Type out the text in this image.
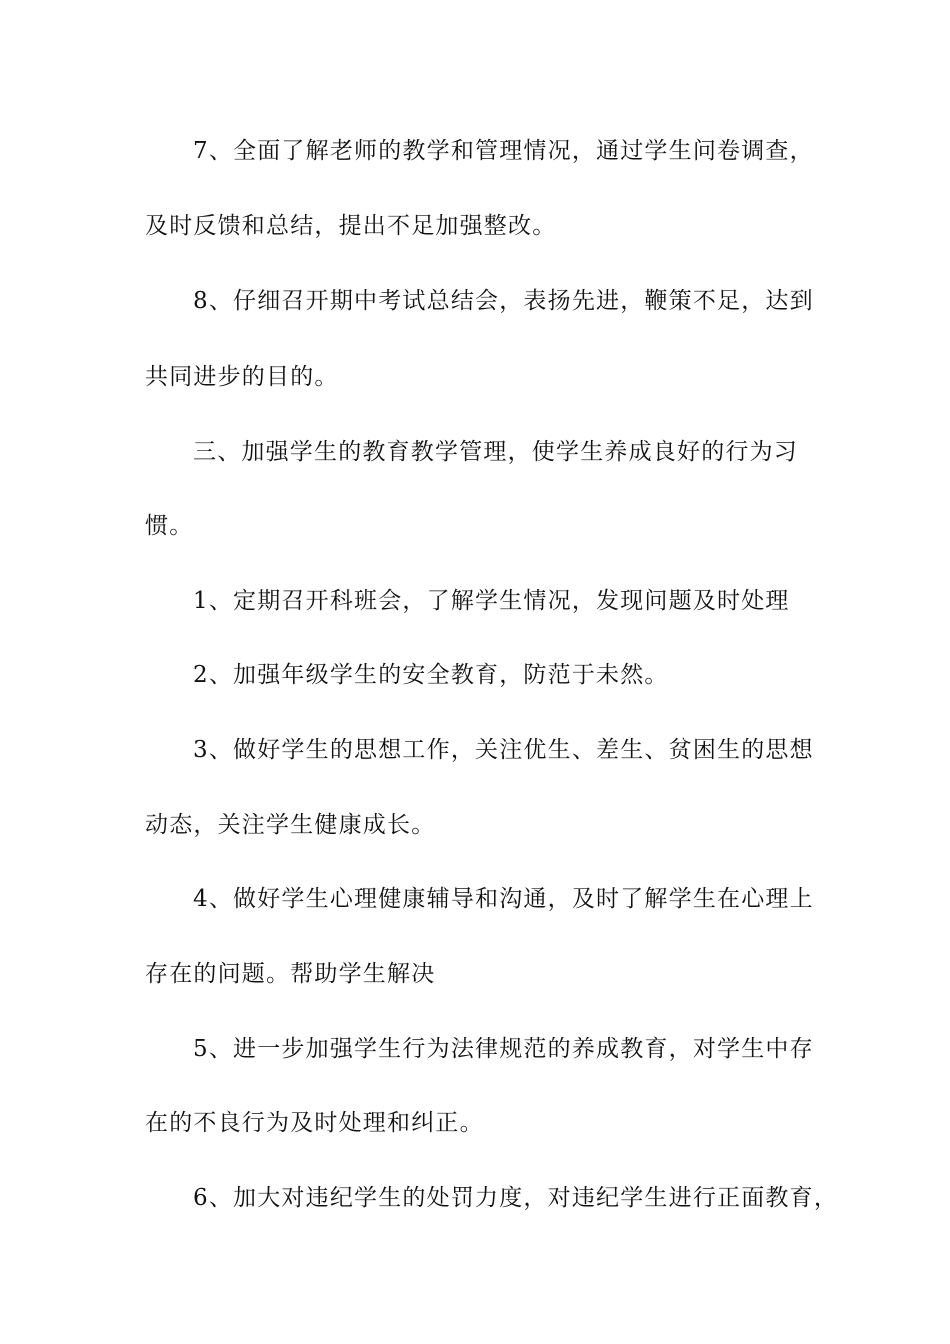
7、全面了解老师的教学和管理情况，通过学生问卷调查，
及时反馈和总结，提出不足加强整改。
8、仔细召开期中考试总结会，表扬先进，鞭策不足，达到
共同进步的目的。
三、加强学生的教育教学管理，使学生养成良好的行为习
惯。
1、定期召开科班会，了解学生情况，发现问题及时处理
2、加强年级学生的安全教育，防范于未然。
3、做好学生的思想工作，关注优生、差生、贫困生的思想
动态，关注学生健康成长。
4、做好学生心理健康辅导和沟通，及时了解学生在心理上
存在的问题。帮助学生解决
5、进一步加强学生行为法律规范的养成教育，对学生中存
在的不良行为及时处理和纠正。
6、加大对违纪学生的处罚力度，对违纪学生进行正面教育，
